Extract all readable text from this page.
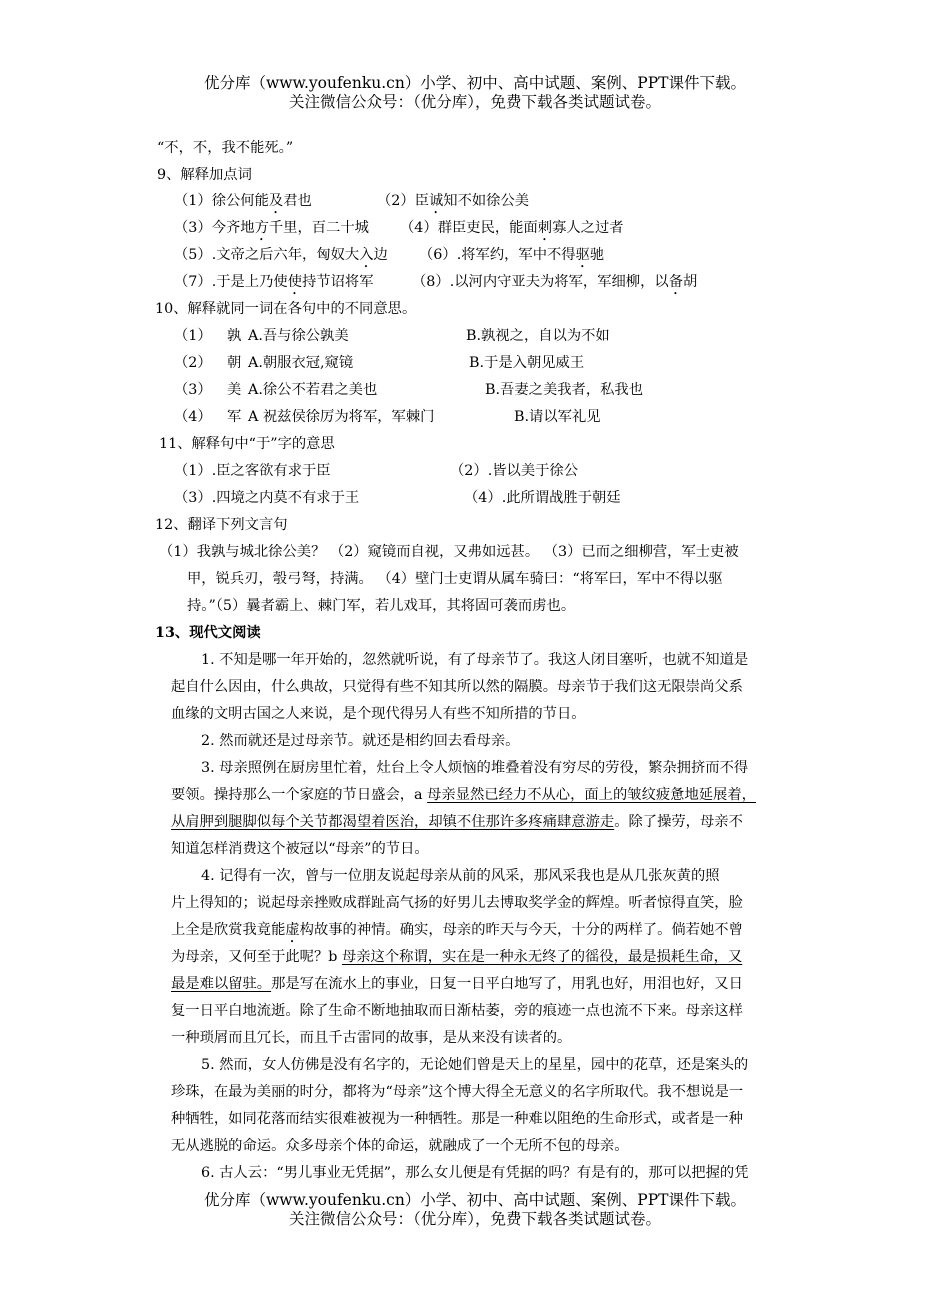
优分库（www.youfenku.cn）小学、初中、高中试题、案例、PPT课件下载。
关注微信公众号：（优分库），免费下载各类试题试卷。
“不，不，我不能死。”
9、解释加点词
（1）徐公何能及君也	（2）臣诚知不如徐公美
（3）今齐地方千里，百二十城 （4）群臣吏民，能面刺寡人之过者
（5）.文帝之后六年，匈奴大入边 （6）.将军约，军中不得驱驰
（7）.于是上乃使使持节诏将军	（8）.以河内守亚夫为将军，军细柳，以备胡
10、解释就同一词在各句中的不同意思。
（1） 孰 A.吾与徐公孰美	B.孰视之，自以为不如
（2） 朝 A.朝服衣冠,窥镜	B.于是入朝见威王
（3） 美 A.徐公不若君之美也	B.吾妻之美我者，私我也
（4） 军 A 祝兹侯徐厉为将军，军棘门	B.请以军礼见
11、解释句中“于”字的意思
（1）.臣之客欲有求于臣	（2）.皆以美于徐公
（3）.四境之内莫不有求于王	（4）.此所谓战胜于朝廷
12、翻译下列文言句
（1）我孰与城北徐公美？ （2）窥镜而自视，又弗如远甚。 （3）已而之细柳营，军士吏被
甲，锐兵刃，彀弓弩，持满。 （4）壁门士吏谓从属车骑曰：“将军曰，军中不得以驱
持。”（5）曩者霸上、棘门军，若儿戏耳，其将固可袭而虏也。
13、现代文阅读
1. 不知是哪一年开始的，忽然就听说，有了母亲节了。我这人闭目塞听，也就不知道是
起自什么因由，什么典故，只觉得有些不知其所以然的隔膜。母亲节于我们这无限崇尚父系
血缘的文明古国之人来说，是个现代得另人有些不知所措的节日。
2. 然而就还是过母亲节。就还是相约回去看母亲。
3. 母亲照例在厨房里忙着，灶台上令人烦恼的堆叠着没有穷尽的劳役，繁杂拥挤而不得
要领。操持那么一个家庭的节日盛会，a 母亲显然已经力不从心，面上的皱纹疲惫地延展着，
从肩胛到腿脚似每个关节都渴望着医治，却镇不住那许多疼痛肆意游走。除了操劳，母亲不
知道怎样消费这个被冠以“母亲”的节日。
4. 记得有一次，曾与一位朋友说起母亲从前的风采，那风采我也是从几张灰黄的照
片上得知的；说起母亲挫败成群趾高气扬的好男儿去博取奖学金的辉煌。听者惊得直笑，脸
上全是欣赏我竟能虚构故事的神情。确实，母亲的昨天与今天，十分的两样了。倘若她不曾
为母亲，又何至于此呢？b 母亲这个称谓，实在是一种永无终了的徭役，最是损耗生命，又
最是难以留驻。那是写在流水上的事业，日复一日平白地写了，用乳也好，用泪也好，又日
复一日平白地流逝。除了生命不断地抽取而日渐枯萎，旁的痕迹一点也流不下来。母亲这样
一种琐屑而且冗长，而且千古雷同的故事，是从来没有读者的。
5. 然而，女人仿佛是没有名字的，无论她们曾是天上的星星，园中的花草，还是案头的
珍珠，在最为美丽的时分，都将为“母亲”这个博大得全无意义的名字所取代。我不想说是一
种牺牲，如同花落而结实很难被视为一种牺牲。那是一种难以阻绝的生命形式，或者是一种
无从逃脱的命运。众多母亲个体的命运，就融成了一个无所不包的母亲。
6. 古人云：“男儿事业无凭据”，那么女儿便是有凭据的吗？有是有的，那可以把握的凭
优分库（www.youfenku.cn）小学、初中、高中试题、案例、PPT课件下载。
关注微信公众号：（优分库），免费下载各类试题试卷。
